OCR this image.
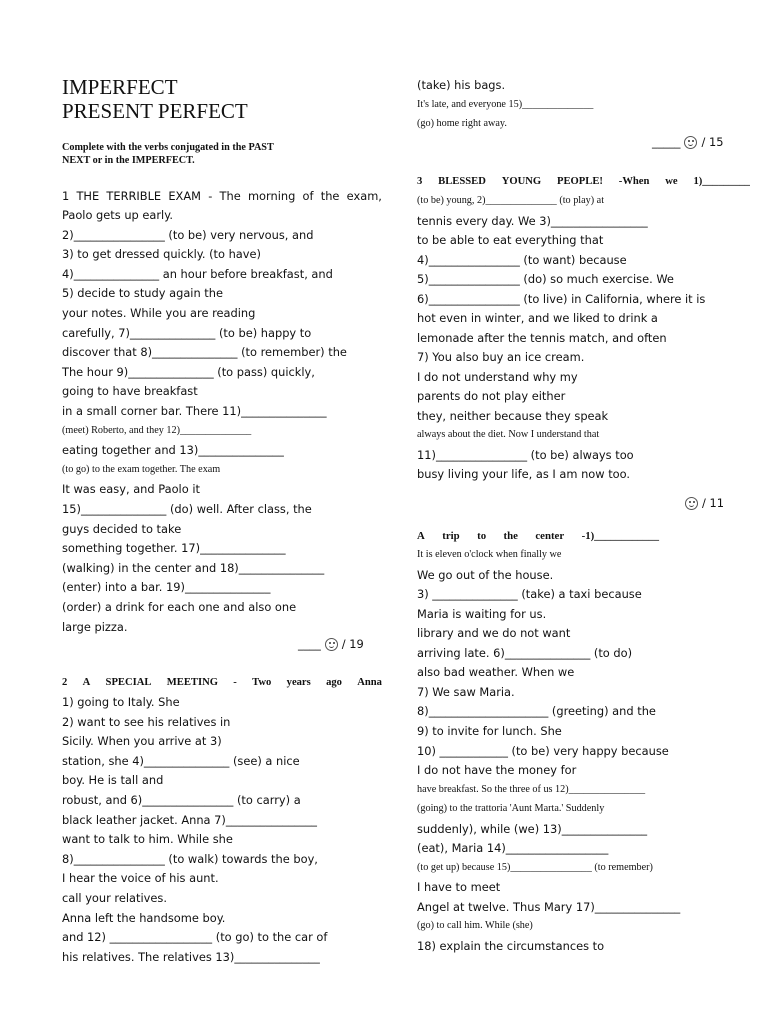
IMPERFECT
PRESENT PERFECT
Complete with the verbs conjugated in the PAST
NEXT or in the IMPERFECT.
1 THE TERRIBLE EXAM - The morning of the exam,
Paolo gets up early.
2)________________ (to be) very nervous, and
3) to get dressed quickly. (to have)
4)_______________ an hour before breakfast, and
5) decide to study again the
your notes. While you are reading
carefully, 7)_______________ (to be) happy to
discover that 8)_______________ (to remember) the
The hour 9)_______________ (to pass) quickly,
going to have breakfast
in a small corner bar. There 11)_______________
(meet) Roberto, and they 12)______________
eating together and 13)_______________
(to go) to the exam together. The exam
It was easy, and Paolo it
15)_______________ (do) well. After class, the
guys decided to take
something together. 17)_______________
(walking) in the center and 18)_______________
(enter) into a bar. 19)_______________
(order) a drink for each one and also one
large pizza.
____ / 19
2 A SPECIAL MEETING - Two years ago Anna
1) going to Italy. She
2) want to see his relatives in
Sicily. When you arrive at 3)
station, she 4)_______________ (see) a nice
boy. He is tall and
robust, and 6)________________ (to carry) a
black leather jacket. Anna 7)________________
want to talk to him. While she
8)________________ (to walk) towards the boy,
I hear the voice of his aunt.
call your relatives.
Anna left the handsome boy.
and 12) __________________ (to go) to the car of
his relatives. The relatives 13)_______________
(take) his bags.
It's late, and everyone 15)______________
(go) home right away.
_____ / 15
3 BLESSED YOUNG PEOPLE! -When we 1)_________
(to be) young, 2)______________ (to play) at
tennis every day. We 3)_________________
to be able to eat everything that
4)________________ (to want) because
5)________________ (do) so much exercise. We
6)________________ (to live) in California, where it is
hot even in winter, and we liked to drink a
lemonade after the tennis match, and often
7) You also buy an ice cream.
I do not understand why my
parents do not play either
they, neither because they speak
always about the diet. Now I understand that
11)________________ (to be) always too
busy living your life, as I am now too.
/ 11
A trip to the center -1)____________
It is eleven o'clock when finally we
We go out of the house.
3) _______________ (take) a taxi because
Maria is waiting for us.
library and we do not want
arriving late. 6)_______________ (to do)
also bad weather. When we
7) We saw Maria.
8)_____________________ (greeting) and the
9) to invite for lunch. She
10) ____________ (to be) very happy because
I do not have the money for
have breakfast. So the three of us 12)_______________
(going) to the trattoria 'Aunt Marta.' Suddenly
suddenly), while (we) 13)_______________
(eat), Maria 14)__________________
(to get up) because 15)________________ (to remember)
I have to meet
Angel at twelve. Thus Mary 17)_______________
(go) to call him. While (she)
18) explain the circumstances to
